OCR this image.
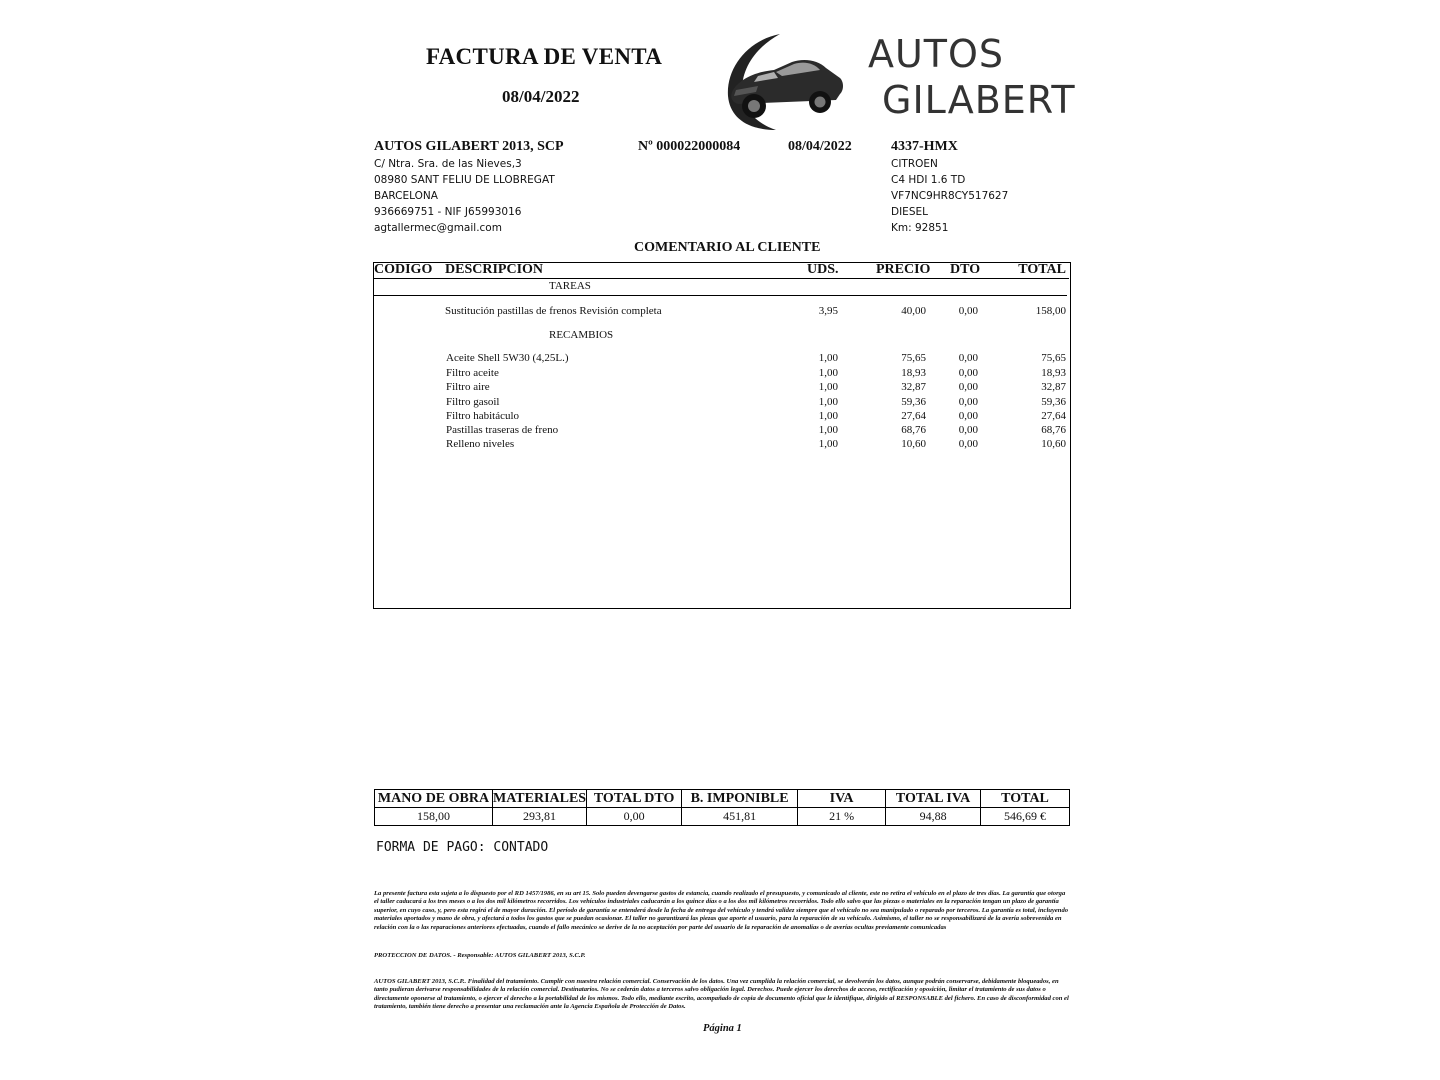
FACTURA DE VENTA
08/04/2022
AUTOS
GILABERT
AUTOS GILABERT 2013, SCP
C/ Ntra. Sra. de las Nieves,3
08980 SANT FELIU DE LLOBREGAT
BARCELONA
936669751 - NIF J65993016
agtallermec@gmail.com
Nº 000022000084	08/04/2022	4337-HMX
CITROEN
C4 HDI 1.6 TD
VF7NC9HR8CY517627
DIESEL
Km: 92851
COMENTARIO AL CLIENTE
CODIGO DESCRIPCION	UDS.	PRECIO DTO	TOTAL
TAREAS
Sustitución pastillas de frenos Revisión completa	3,95	40,00	0,00	158,00
RECAMBIOS
Aceite Shell 5W30 (4,25L.)	1,00	75,65	0,00	75,65
Filtro aceite	1,00	18,93	0,00	18,93
Filtro aire	1,00	32,87	0,00	32,87
Filtro gasoil	1,00	59,36	0,00	59,36
Filtro habitáculo	1,00	27,64	0,00	27,64
Pastillas traseras de freno	1,00	68,76	0,00	68,76
Relleno niveles	1,00	10,60	0,00	10,60
MANO DE OBRA	MATERIALES	TOTAL DTO	B. IMPONIBLE	IVA	TOTAL IVA	TOTAL
158,00	293,81	0,00	451,81	21 %	94,88	546,69 €
FORMA DE PAGO: CONTADO
La presente factura esta sujeta a lo dispuesto por el RD 1457/1986, en su art 15. Solo pueden devengarse gastos de estancia, cuando realizado el presupuesto, y comunicado al cliente, este no retira el vehículo en el plazo de tres días. La garantía que otorga el taller caducará a los tres meses o a los dos mil kilómetros recorridos. Los vehículos industriales caducarán a los quince días o a los dos mil kilómetros recorridos. Todo ello salvo que las piezas o materiales en la reparación tengan un plazo de garantía superior, en cuyo caso, y, pero esta regirá el de mayor duración. El período de garantía se entenderá desde la fecha de entrega del vehículo y tendrá validez siempre que el vehículo no sea manipulado o reparado por terceros. La garantía es total, incluyendo materiales aportados y mano de obra, y afectará a todos los gastos que se puedan ocasionar. El taller no garantizará las piezas que aporte el usuario, para la reparación de su vehículo. Asimismo, el taller no se responsabilizará de la avería sobrevenida en relación con la o las reparaciones anteriores efectuadas, cuando el fallo mecánico se derive de la no aceptación por parte del usuario de la reparación de anomalías o de averías ocultas previamente comunicadas
PROTECCION DE DATOS. - Responsable: AUTOS GILABERT 2013, S.C.P.
AUTOS GILABERT 2013, S.C.P.. Finalidad del tratamiento. Cumplir con nuestra relación comercial. Conservación de los datos. Una vez cumplida la relación comercial, se devolverán los datos, aunque podrán conservarse, debidamente bloqueados, en tanto pudieran derivarse responsabilidades de la relación comercial. Destinatarios. No se cederán datos a terceros salvo obligación legal. Derechos. Puede ejercer los derechos de acceso, rectificación y oposición, limitar el tratamiento de sus datos o directamente oponerse al tratamiento, o ejercer el derecho a la portabilidad de los mismos. Todo ello, mediante escrito, acompañado de copia de documento oficial que le identifique, dirigido al RESPONSABLE del fichero. En caso de disconformidad con el tratamiento, también tiene derecho a presentar una reclamación ante la Agencia Española de Protección de Datos.
Página 1
